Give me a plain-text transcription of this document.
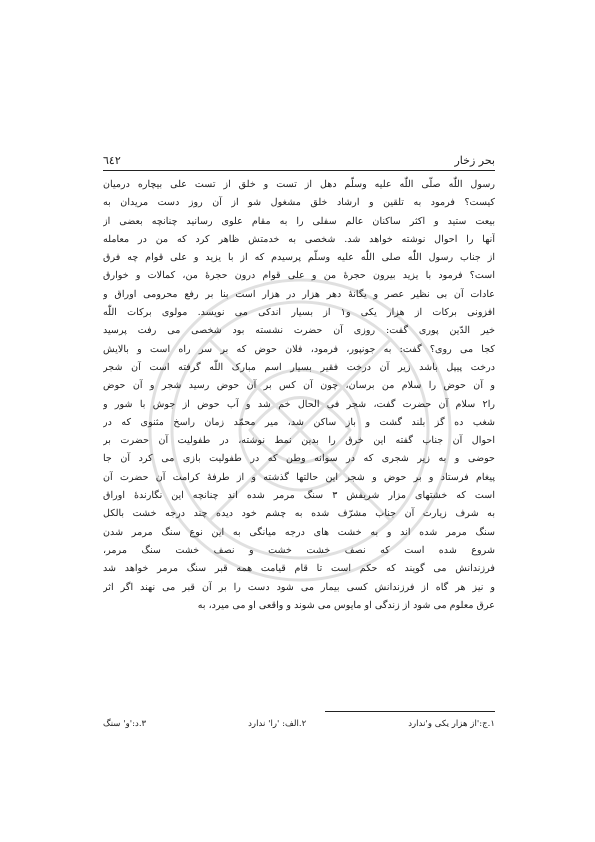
بحر زخار
٦٤٢
رسول اللّٰه صلّی اللّٰه علیه وسلّم دهل از تست و خلق از تست علی بیچاره درمیان
کیست؟ فرمود به تلقین و ارشاد خلق مشغول شو از آن روز دست مریدان به
بیعت ستید و اکثر ساکنان عالم سفلی را به مقام علوی رسانید چنانچه بعضی از
آنها را احوال نوشته خواهد شد. شخصی به خدمتش ظاهر کرد که من در معامله
از جناب رسول اللّٰه صلی اللّٰه علیه وسلّم پرسیدم که از با یزید و علی قوام چه فرق
است؟ فرمود با یزید بیرون حجرهٔ من و علی قوام درون حجرهٔ من، کمالات و خوارق
عادات آن بی نظیر عصر و یگانهٔ دهر هزار در هزار است بنا بر رفع محرومی اوراق و
افزونی برکات از هزار یکی و۱ از بسیار اندکی می نویسد. مولوی برکات اللّٰه
خیر الدّین پوری گفت: روزی آن حضرت نشسته بود شخصی می رفت پرسید
کجا می روی؟ گفت: به جونپور، فرمود، فلان حوض که بر سر راه است و بالایش
درخت پیپل باشد زیر آن درخت فقیر بسیار اسم مبارک اللّٰه گرفته است آن شجر
و آن حوض را سلام من برسان، چون آن کس بر آن حوض رسید شجر و آن حوض
را۲ سلام آن حضرت گفت، شجر فی الحال خم شد و آب حوض از جوش با شور و
شغب ده گز بلند گشت و باز ساکن شد، میر محمّد زمان راسخ مثنوی که در
احوال آن جناب گفته این خرق را بدین نمط نوشته، در طفولیت آن حضرت بر
حوضی و به زیر شجری که در سوانه وطن که در طفولیت بازی می کرد آن جا
پیغام فرستاد و بر حوض و شجر این حالتها گذشته و از طرفهٔ کرامت آن حضرت آن
است که خشتهای مزار شریفش ۳ سنگ مرمر شده اند چنانچه این نگارندهٔ اوراق
به شرف زیارت آن جناب مشرّف شده به چشم خود دیده چند درجه خشت بالکل
سنگ مرمر شده اند و به خشت های درجه میانگی به این نوع سنگ مرمر شدن
شروع شده است که نصف خشت خشت و نصف خشت سنگ مرمر،
فرزندانش می گویند که حکم است تا قام قیامت همه قبر سنگ مرمر خواهد شد
و نیز هر گاه از فرزندانش کسی بیمار می شود دست را بر آن قبر می نهند اگر اثر
عرق معلوم می شود از زندگی او مایوس می شوند و واقعی او می میرد، به
۱.ج:'از هزار یکی و'ندارد
۲.الف: 'را' ندارد
۳.د:'و' سنگ
